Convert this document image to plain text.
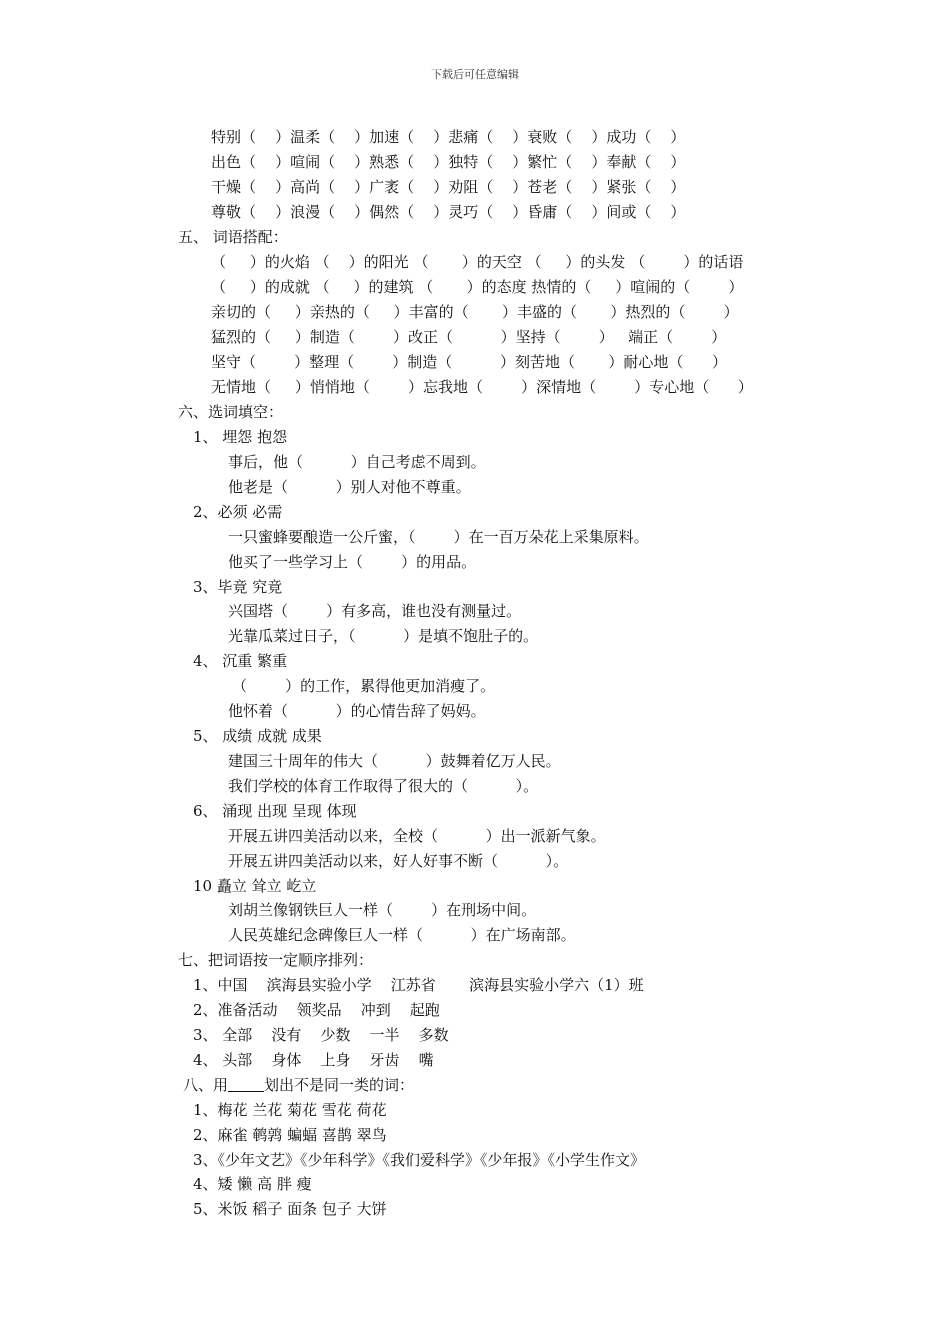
下载后可任意编辑
特别（    ）温柔（    ）加速（    ）悲痛（    ）衰败（    ）成功（    ）
出色（    ）喧闹（    ）熟悉（    ）独特（    ）繁忙（    ）奉献（    ）
干燥（    ）高尚（    ）广袤（    ）劝阻（    ）苍老（    ）紧张（    ）
尊敬（    ）浪漫（    ）偶然（    ）灵巧（    ）昏庸（    ）间或（    ）
五、 词语搭配：
（     ）的火焰 （    ）的阳光 （       ）的天空 （     ）的头发 （        ）的话语
（     ）的成就 （     ）的建筑 （       ）的态度 热情的（     ）喧闹的（        ）
亲切的（     ）亲热的（     ）丰富的（       ）丰盛的（       ）热烈的（        ）
猛烈的（     ）制造（        ）改正（          ）坚持（        ）   端正（        ）
坚守（        ）整理（        ）制造（          ）刻苦地（       ）耐心地（      ）
无情地（     ）悄悄地（        ）忘我地（        ）深情地（        ）专心地（      ）
六、选词填空：
1、 埋怨 抱怨
事后，他（          ）自己考虑不周到。
他老是（          ）别人对他不尊重。
2、必须 必需
一只蜜蜂要酿造一公斤蜜，（        ）在一百万朵花上采集原料。
他买了一些学习上（        ）的用品。
3、毕竟 究竟
兴国塔（        ）有多高，谁也没有测量过。
光靠瓜菜过日子，（          ）是填不饱肚子的。
4、 沉重 繁重
（        ）的工作，累得他更加消瘦了。
他怀着（          ）的心情告辞了妈妈。
5、 成绩 成就 成果
建国三十周年的伟大（          ）鼓舞着亿万人民。
我们学校的体育工作取得了很大的（          ）。
6、 涌现 出现 呈现 体现
开展五讲四美活动以来，全校（          ）出一派新气象。
开展五讲四美活动以来，好人好事不断（          ）。
10 矗立 耸立 屹立
刘胡兰像钢铁巨人一样（        ）在刑场中间。
人民英雄纪念碑像巨人一样（          ）在广场南部。
七、把词语按一定顺序排列：
1、中国    滨海县实验小学    江苏省       滨海县实验小学六（1）班
2、准备活动    领奖品    冲到    起跑
3、 全部    没有    少数    一半    多数
4、 头部    身体    上身    牙齿    嘴
八、用 划出不是同一类的词：
1、梅花 兰花 菊花 雪花 荷花
2、麻雀 鹌鹑 蝙蝠 喜鹊 翠鸟
3、《少年文艺》《少年科学》《我们爱科学》《少年报》《小学生作文》
4、矮 懒 高 胖 瘦
5、米饭 稻子 面条 包子 大饼
